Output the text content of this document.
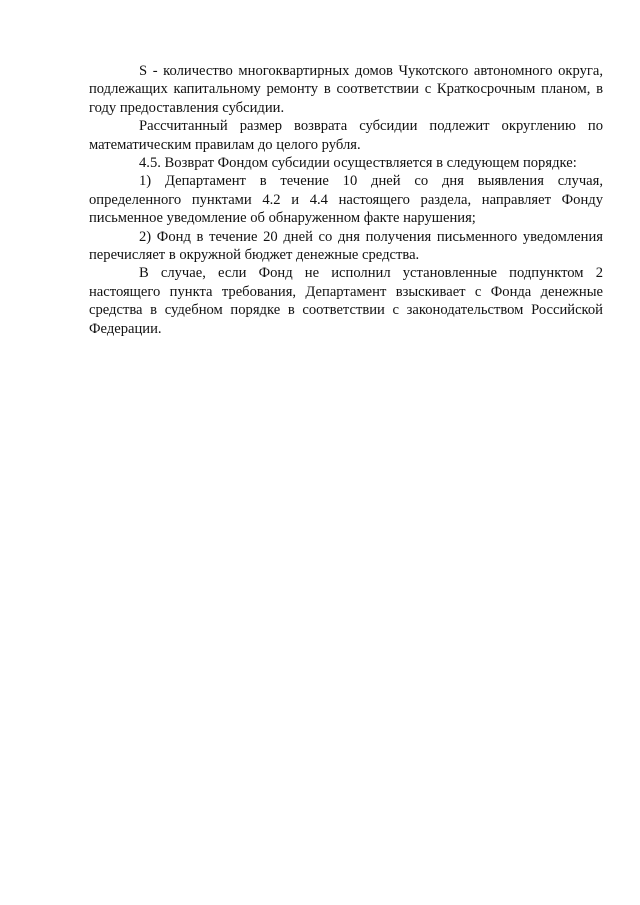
S - количество многоквартирных домов Чукотского автономного округа, подлежащих капитальному ремонту в соответствии с Краткосрочным планом, в году предоставления субсидии.

Рассчитанный размер возврата субсидии подлежит округлению по математическим правилам до целого рубля.

4.5. Возврат Фондом субсидии осуществляется в следующем порядке:

1) Департамент в течение 10 дней со дня выявления случая, определенного пунктами 4.2 и 4.4 настоящего раздела, направляет Фонду письменное уведомление об обнаруженном факте нарушения;

2) Фонд в течение 20 дней со дня получения письменного уведомления перечисляет в окружной бюджет денежные средства.

В случае, если Фонд не исполнил установленные подпунктом 2 настоящего пункта требования, Департамент взыскивает с Фонда денежные средства в судебном порядке в соответствии с законодательством Российской Федерации.
